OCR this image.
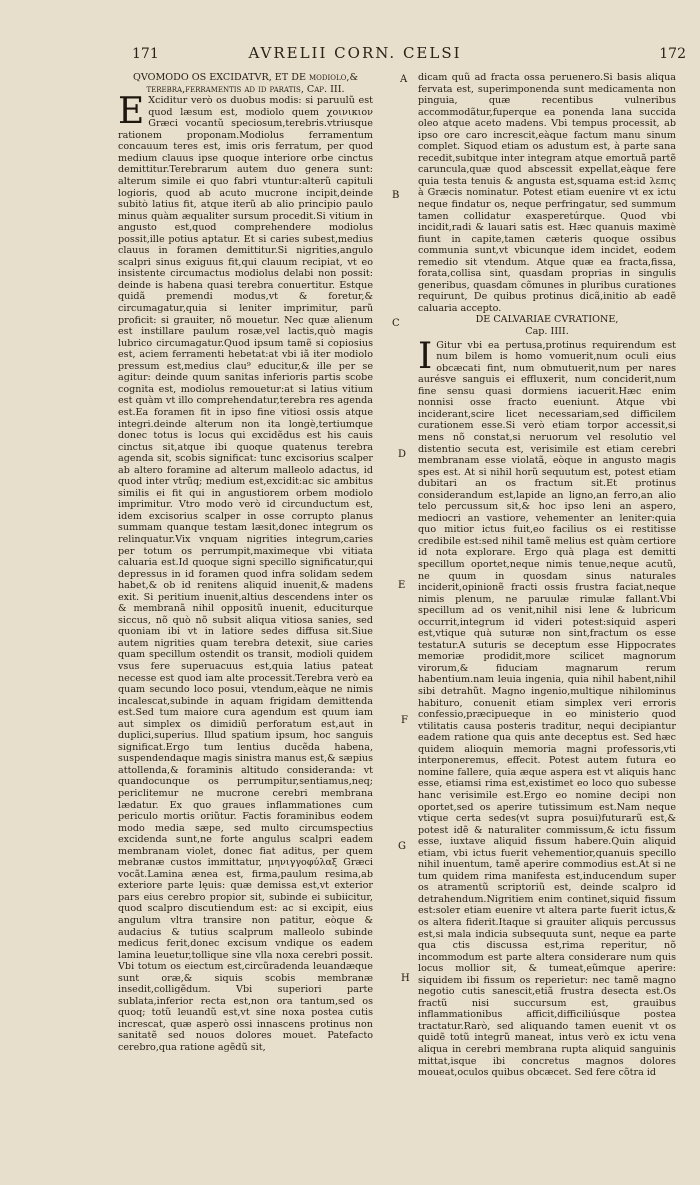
171	AVRELII CORN. CELSI	172
QVOMODO OS EXCIDATVR, ET DE modiolo,& terebra,ferramentis ad id paratis, Cap. III.

E Xciditur verò os duobus modis: si paruulũ est quod læsum est, modiolo quem χοινικιον Græci vocantũ speciosum,terebris.vtriusque rationem proponam.Modiolus ferramentum concauum teres est, imis oris ferratum, per quod medium clauus ipse quoque interiore orbe cinctus demittitur.Terebrarum autem duo genera sunt: alterum simile ei quo fabri vtuntur:alterũ capituli logioris, quod ab acuto mucrone incipit,deinde subitò latius fit, atque iterũ ab alio principio paulo minus quàm æqualiter sursum procedit.Si vitium in angusto est,quod comprehendere modiolus possit,ille potius aptatur. Et si caries subest,medius clauus in foramen demittitur.Si nigrities,angulo scalpri sinus exiguus fit,qui clauum recipiat, vt eo insistente circumactus modiolus delabi non possit: deinde is habena quasi terebra conuertitur. Estque quidã premendi modus,vt & foretur,& circumagatur,quia si leniter imprimitur, parũ proficit: si grauiter, nõ mouetur. Nec quæ alienum est instillare paulum rosæ,vel lactis,quò magis lubrico circumagatur.Quod ipsum tamẽ si copiosius est, aciem ferramenti hebetat:at vbi iã iter modiolo pressum est,medius clau⁹ educitur,& ille per se agitur: deinde quum sanitas inferioris partis scobe cognita est, modiolus remouetur:at si latius vitium est quàm vt illo comprehendatur,terebra res agenda est.Ea foramen fit in ipso fine vitiosi ossis atque integri.deinde alterum non ita longè,tertiumque donec totus is locus qui excidẽdus est his cauis cinctus sit,atque ibi quoque quatenus terebra agenda sit, scobis significat: tunc excisorius scalper ab altero foramine ad alterum malleolo adactus, id quod inter vtrũq; medium est,excidit:ac sic ambitus similis ei fit qui in angustiorem orbem modiolo imprimitur. Vtro modo verò id circunductum est, idem excisorius scalper in osse corrupto planus summam quanque testam læsit,donec integrum os relinquatur.Vix vnquam nigrities integrum,caries per totum os perrumpit,maximeque vbi vitiata caluaria est.Id quoque signi specillo significatur,qui depressus in id foramen quod infra solidam sedem habet,& ob id renitens aliquid inuenit,& madens exit. Si peritium inuenit,altius descendens inter os & membranã nihil oppositũ inuenit, educiturque siccus, nõ quò nõ subsit aliqua vitiosa sanies, sed quoniam ibi vt in latiore sedes diffusa sit.Siue autem nigrities quam terebra detexit, siue caries quam specillum ostendit os transit, modioli quidem vsus fere superuacuus est,quia latius pateat necesse est quod iam alte processit.Terebra verò ea quam secundo loco posui, vtendum,eàque ne nimis incalescat,subinde in aquam frigidam demittenda est.Sed tum maiore cura agendum est quum iam aut simplex os dimidiũ perforatum est,aut in duplici,superius. Illud spatium ipsum, hoc sanguis significat.Ergo tum lentius ducẽda habena, suspendendaque magis sinistra manus est,& sæpius attollenda,& foraminis altitudo considerandа: vt quandocunque os perrumpitur,sentiamus,neq; periclitemur ne mucrone cerebri membrana lædatur. Ex quo graues inflammationes cum periculo mortis oriũtur. Factis foraminibus eodem modo media sæpe, sed multo circumspectius excidenda sunt,ne forte angulus scalpri eadem membranam violet, donec fiat aditus, per quem mebranæ custos immittatur, μηνιγγοφύλαξ Græci vocãt.Lamina ænea est, firma,paulum resima,ab exteriore parte lęuis: quæ demissa est,vt exterior pars eius cerebro propior sit, subinde ei subiicitur, quod scalpro discutiendum est: ac si excipit, eius angulum vltra transire non patitur, eòque & audacius & tutius scalprum malleolo subinde medicus ferit,donec excisum vndique os eadem lamina leuetur,tollique sine vlla noxa cerebri possit. Vbi totum os eiectum est,circũradenda leuandæque sunt oræ,& siquis scobis membranæ insedit,colligẽdum. Vbi superiori parte sublata,inferior recta est,non ora tantum,sed os quoq; totũ leuandũ est,vt sine noxa postea cutis increscat, quæ asperò ossi innascens protinus non sanitatẽ sed nouos dolores mouet. Patefacto cerebro,qua ratione agẽdũ sit,

dicam quũ ad fracta ossa peruenero.Si basis aliqua fervata est, superimponenda sunt medicamenta non pinguia, quæ recentibus vulneribus accommodãtur,fuperque ea ponenda lana succida oleo atque aceto madens. Vbi tempus processit, ab ipso ore caro increscit,eàque factum manu sinum complet. Siquod etiam os adustum est, à parte sana recedit,subitque inter integram atque emortuã partẽ caruncula,quæ quod abscessit expellat,eàque fere quia testa tenuis & angusta est,squama est:id λεπις à Græcis nominatur. Potest etiam euenire vt ex ictu neque findatur os, neque perfringatur, sed summum tamen collidatur exasperetúrque. Quod vbi incidit,radi & lauari satis est. Hæc quanuis maximè fiunt in capite,tamen cæteris quoque ossibus communia sunt,vt vbicunque idem incidet, eodem remedio sit vtendum. Atque quæ ea fracta,fissa, forata,collisa sint, quasdam proprias in singulis generibus, quasdam cõmunes in pluribus curationes requirunt, De quibus protinus dicã,initio ab eadẽ caluaria accepto.

DE CALVARIAE CVRATIONE,
Cap. IIII.

I Gitur vbi ea pertusa,protinus requirendum est num bilem is homo vomuerit,num oculi eius obcæcati fint, num obmutuerit,num per nares aurésve sanguis ei effluxerit, num conciderit,num fine sensu quasi dormiens iacuerit.Hæc enim nonnisi osse fracto eueniunt. Atque vbi inciderant,scire licet necessariam,sed difficilem curationem esse.Si verò etiam torpor accessit,si mens nõ constat,si neruorum vel resolutio vel distentio secuta est, verisimile est etiam cerebri membranam esse violatã, eòque in angusto magis spes est. At si nihil horũ sequutum est, potest etiam dubitari an os fractum sit.Et protinus considerandum est,lapide an ligno,an ferro,an alio telo percussum sit,& hoc ipso leni an aspero, mediocri an vastiore, vehementer an leniter:quia quo mitior ictus fuit,eo facilius os ei restitisse credibile est:sed nihil tamẽ melius est quàm certiore id nota explorare. Ergo quà plaga est demitti specillum oportet,neque nimis tenue,neque acutũ, ne quum in quosdam sinus naturales inciderit,opinionẽ fracti ossis frustra faciat,neque nimis plenum, ne paruulæ rimulæ fallant.Vbi specillum ad os venit,nihil nisi lene & lubricum occurrit,integrum id videri potest:siquid asperi est,vtique quà suturæ non sint,fractum os esse testatur.A suturis se deceptum esse Hippocrates memoriæ prodidit,more scilicet magnorum virorum,& fiduciam magnarum rerum habentium.nam leuia ingenia, quia nihil habent,nihil sibi detrahũt. Magno ingenio,multique nihilominus habituro, conuenit etiam simplex veri erroris confessio,præcipueque in eo ministerio quod vtilitatis causa posteris traditur, nequi decipiantur eadem ratione qua quis ante deceptus est. Sed hæc quidem alioquin memoria magni professoris,vti interponeremus, effecit. Potest autem futura eo nomine fallere, quia æque aspera est vt aliquis hanc esse, etiamsi rima est,existimet eo loco quo subesse hanc verisimile est.Ergo eo nomine decipi non oportet,sed os aperire tutissimum est.Nam neque vtique certa sedes(vt supra posui)futurarũ est,& potest idẽ & naturaliter commissum,& ictu fissum esse, iuxtave aliquid fissum habere.Quin aliquid etiam, vbi ictus fuerit vehementior,quanuis specillo nihil inuentum, tamẽ aperire commodius est.At si ne tum quidem rima manifesta est,inducendum super os atramentũ scriptoriũ est, deinde scalpro id detrahendum.Nigritiem enim continet,siquid fissum est:soleт etiam euenire vt altera parte fuerit ictus,& os altera fiderit.Itaque si grauiter aliquis percussus est,si mala indicia subsequuta sunt, neque ea parte qua ctis discussa est,rima reperitur, nõ incommodum est parte altera considerare num quis locus mollior sit, & tumeat,eũmque aperire: siquidem ibi fissum os reperietur: nec tamẽ magno negotio cutis sanescit,etiã frustra desecta est.Os fractũ nisi succursum est, grauibus inflammationibus afficit,difficiliúsque postea tractatur.Rarò, sed aliquando tamen euenit vt os quidẽ totũ integrũ maneat, intus verò ex ictu vena aliqua in cerebri membrana rupta aliquid sanguinis mittat,isque ibi concretus magnos dolores moueat,oculos quibus obcæcet. Sed fere cõtra id

A
B
C
D
E
F
G
H
